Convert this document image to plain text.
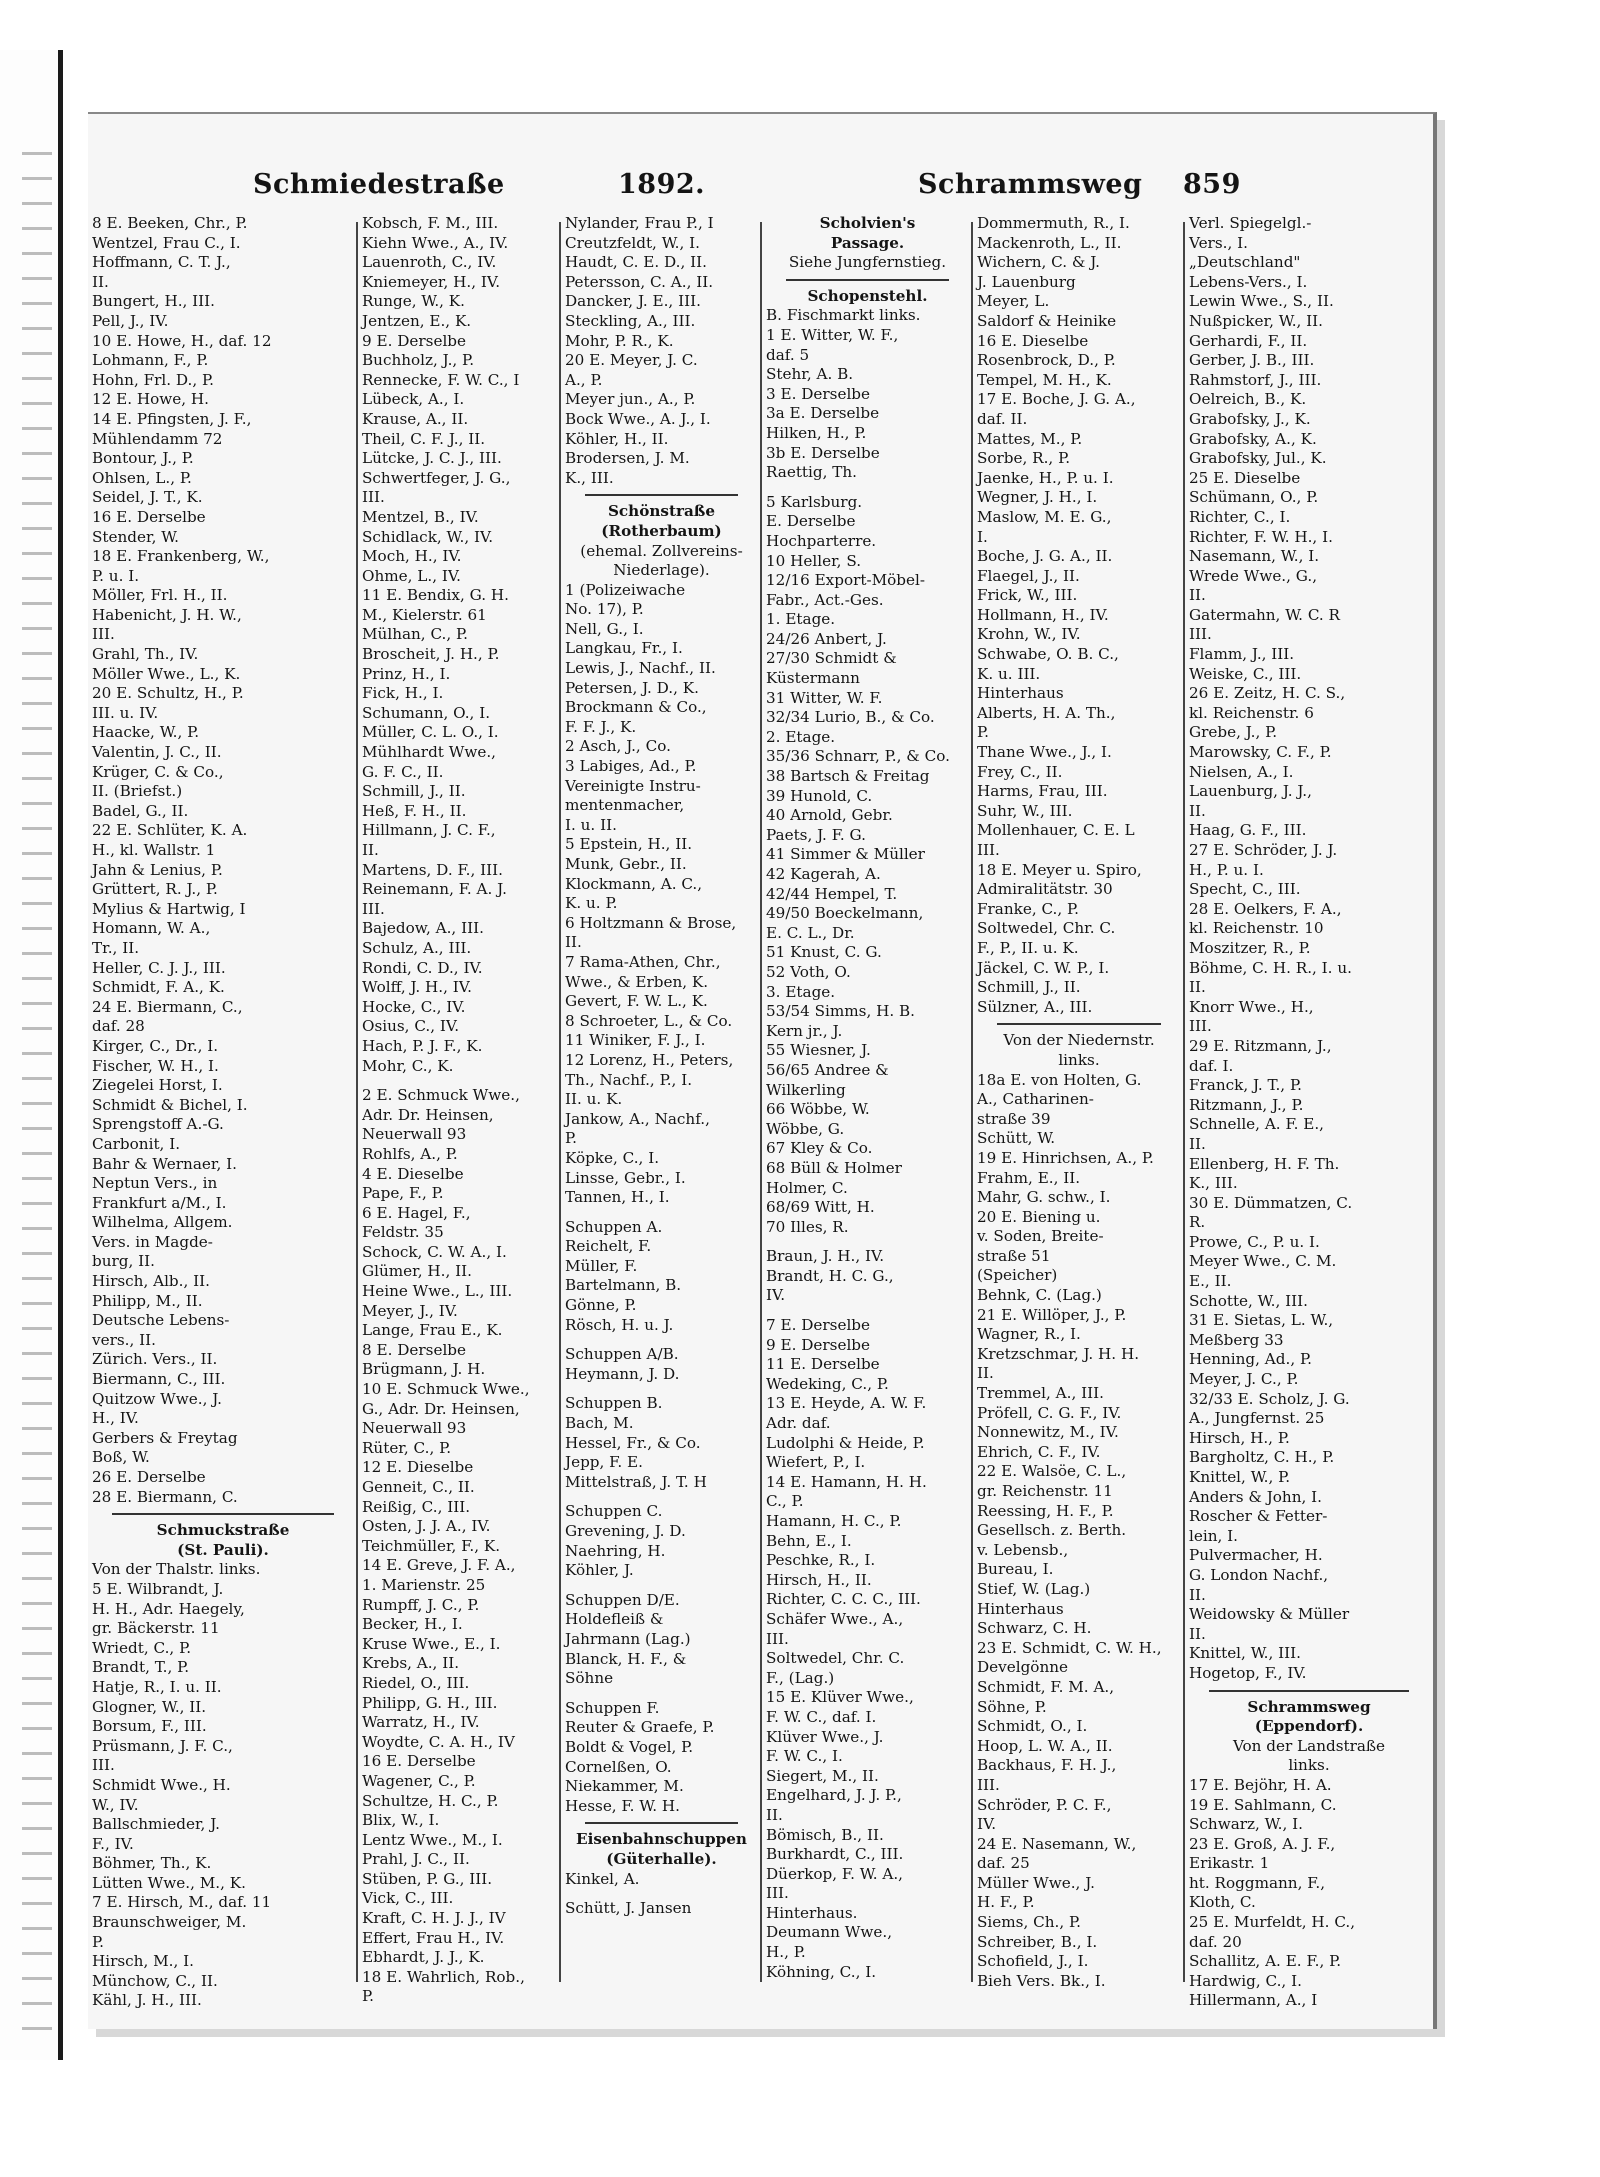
Schmiedestraße	1892.	Schrammsweg 859
8 E. Beeken, Chr., P.
Wentzel, Frau C., I.
Hoffmann, C. T. J.,
II.
Bungert, H., III.
Pell, J., IV.
10 E. Howe, H., daf. 12
Lohmann, F., P.
Hohn, Frl. D., P.
12 E. Howe, H.
14 E. Pfingsten, J. F.,
Mühlendamm 72
Bontour, J., P.
Ohlsen, L., P.
Seidel, J. T., K.
16 E. Derselbe
Stender, W.
18 E. Frankenberg, W.,
P. u. I.
Möller, Frl. H., II.
Habenicht, J. H. W.,
III.
Grahl, Th., IV.
Möller Wwe., L., K.
20 E. Schultz, H., P.
III. u. IV.
Haacke, W., P.
Valentin, J. C., II.
Krüger, C. & Co.,
II. (Briefst.)
Badel, G., II.
22 E. Schlüter, K. A.
H., kl. Wallstr. 1
Jahn & Lenius, P.
Grüttert, R. J., P.
Mylius & Hartwig, I
Homann, W. A.,
Tr., II.
Heller, C. J. J., III.
Schmidt, F. A., K.
24 E. Biermann, C.,
daf. 28
Kirger, C., Dr., I.
Fischer, W. H., I.
Ziegelei Horst, I.
Schmidt & Bichel, I.
Sprengstoff A.-G.
Carbonit, I.
Bahr & Wernaer, I.
Neptun Vers., in
Frankfurt a/M., I.
Wilhelma, Allgem.
Vers. in Magde-
burg, II.
Hirsch, Alb., II.
Philipp, M., II.
Deutsche Lebens-
vers., II.
Zürich. Vers., II.
Biermann, C., III.
Quitzow Wwe., J.
H., IV.
Gerbers & Freytag
Boß, W.
26 E. Derselbe
28 E. Biermann, C.
Schmuckstraße
(St. Pauli).
Von der Thalstr. links.
5 E. Wilbrandt, J.
H. H., Adr. Haegely,
gr. Bäckerstr. 11
Wriedt, C., P.
Brandt, T., P.
Hatje, R., I. u. II.
Glogner, W., II.
Borsum, F., III.
Prüsmann, J. F. C.,
III.
Schmidt Wwe., H.
W., IV.
Ballschmieder, J.
F., IV.
Böhmer, Th., K.
Lütten Wwe., M., K.
7 E. Hirsch, M., daf. 11
Braunschweiger, M.
P.
Hirsch, M., I.
Münchow, C., II.
Kähl, J. H., III.
Kobsch, F. M., III.
Kiehn Wwe., A., IV.
Lauenroth, C., IV.
Kniemeyer, H., IV.
Runge, W., K.
Jentzen, E., K.
9 E. Derselbe
Buchholz, J., P.
Rennecke, F. W. C., I
Lübeck, A., I.
Krause, A., II.
Theil, C. F. J., II.
Lütcke, J. C. J., III.
Schwertfeger, J. G.,
III.
Mentzel, B., IV.
Schidlack, W., IV.
Moch, H., IV.
Ohme, L., IV.
11 E. Bendix, G. H.
M., Kielerstr. 61
Mülhan, C., P.
Broscheit, J. H., P.
Prinz, H., I.
Fick, H., I.
Schumann, O., I.
Müller, C. L. O., I.
Mühlhardt Wwe.,
G. F. C., II.
Schmill, J., II.
Heß, F. H., II.
Hillmann, J. C. F.,
II.
Martens, D. F., III.
Reinemann, F. A. J.
III.
Bajedow, A., III.
Schulz, A., III.
Rondi, C. D., IV.
Wolff, J. H., IV.
Hocke, C., IV.
Osius, C., IV.
Hach, P. J. F., K.
Mohr, C., K.
2 E. Schmuck Wwe.,
Adr. Dr. Heinsen,
Neuerwall 93
Rohlfs, A., P.
4 E. Dieselbe
Pape, F., P.
6 E. Hagel, F.,
Feldstr. 35
Schock, C. W. A., I.
Glümer, H., II.
Heine Wwe., L., III.
Meyer, J., IV.
Lange, Frau E., K.
8 E. Derselbe
Brügmann, J. H.
10 E. Schmuck Wwe.,
G., Adr. Dr. Heinsen,
Neuerwall 93
Rüter, C., P.
12 E. Dieselbe
Genneit, C., II.
Reißig, C., III.
Osten, J. J. A., IV.
Teichmüller, F., K.
14 E. Greve, J. F. A.,
1. Marienstr. 25
Rumpff, J. C., P.
Becker, H., I.
Kruse Wwe., E., I.
Krebs, A., II.
Riedel, O., III.
Philipp, G. H., III.
Warratz, H., IV.
Woydte, C. A. H., IV
16 E. Derselbe
Wagener, C., P.
Schultze, H. C., P.
Blix, W., I.
Lentz Wwe., M., I.
Prahl, J. C., II.
Stüben, P. G., III.
Vick, C., III.
Kraft, C. H. J. J., IV
Effert, Frau H., IV.
Ebhardt, J. J., K.
18 E. Wahrlich, Rob.,
P.
Nylander, Frau P., I
Creutzfeldt, W., I.
Haudt, C. E. D., II.
Petersson, C. A., II.
Dancker, J. E., III.
Steckling, A., III.
Mohr, P. R., K.
20 E. Meyer, J. C.
A., P.
Meyer jun., A., P.
Bock Wwe., A. J., I.
Köhler, H., II.
Brodersen, J. M.
K., III.
Schönstraße
(Rotherbaum)
(ehemal. Zollvereins-
Niederlage).
1 (Polizeiwache
No. 17), P.
Nell, G., I.
Langkau, Fr., I.
Lewis, J., Nachf., II.
Petersen, J. D., K.
Brockmann & Co.,
F. F. J., K.
2 Asch, J., Co.
3 Labiges, Ad., P.
Vereinigte Instru-
mentenmacher,
I. u. II.
5 Epstein, H., II.
Munk, Gebr., II.
Klockmann, A. C.,
K. u. P.
6 Holtzmann & Brose,
II.
7 Rama-Athen, Chr.,
Wwe., & Erben, K.
Gevert, F. W. L., K.
8 Schroeter, L., & Co.
11 Winiker, F. J., I.
12 Lorenz, H., Peters,
Th., Nachf., P., I.
II. u. K.
Jankow, A., Nachf.,
P.
Köpke, C., I.
Linsse, Gebr., I.
Tannen, H., I.
Schuppen A.
Reichelt, F.
Müller, F.
Bartelmann, B.
Gönne, P.
Rösch, H. u. J.
Schuppen A/B.
Heymann, J. D.
Schuppen B.
Bach, M.
Hessel, Fr., & Co.
Jepp, F. E.
Mittelstraß, J. T. H
Schuppen C.
Grevening, J. D.
Naehring, H.
Köhler, J.
Schuppen D/E.
Holdefleiß &
Jahrmann (Lag.)
Blanck, H. F., &
Söhne
Schuppen F.
Reuter & Graefe, P.
Boldt & Vogel, P.
Cornelßen, O.
Niekammer, M.
Hesse, F. W. H.
Eisenbahnschuppen
(Güterhalle).
Kinkel, A.
Schütt, J. Jansen
Scholvien's
Passage.
Siehe Jungfernstieg.
Schopenstehl.
B. Fischmarkt links.
1 E. Witter, W. F.,
daf. 5
Stehr, A. B.
3 E. Derselbe
3a E. Derselbe
Hilken, H., P.
3b E. Derselbe
Raettig, Th.
5 Karlsburg.
E. Derselbe
Hochparterre.
10 Heller, S.
12/16 Export-Möbel-
Fabr., Act.-Ges.
1. Etage.
24/26 Anbert, J.
27/30 Schmidt &
Küstermann
31 Witter, W. F.
32/34 Lurio, B., & Co.
2. Etage.
35/36 Schnarr, P., & Co.
38 Bartsch & Freitag
39 Hunold, C.
40 Arnold, Gebr.
Paets, J. F. G.
41 Simmer & Müller
42 Kagerah, A.
42/44 Hempel, T.
49/50 Boeckelmann,
E. C. L., Dr.
51 Knust, C. G.
52 Voth, O.
3. Etage.
53/54 Simms, H. B.
Kern jr., J.
55 Wiesner, J.
56/65 Andree &
Wilkerling
66 Wöbbe, W.
Wöbbe, G.
67 Kley & Co.
68 Büll & Holmer
Holmer, C.
68/69 Witt, H.
70 Illes, R.
Braun, J. H., IV.
Brandt, H. C. G.,
IV.
7 E. Derselbe
9 E. Derselbe
11 E. Derselbe
Wedeking, C., P.
13 E. Heyde, A. W. F.
Adr. daf.
Ludolphi & Heide, P.
Wiefert, P., I.
14 E. Hamann, H. H.
C., P.
Hamann, H. C., P.
Behn, E., I.
Peschke, R., I.
Hirsch, H., II.
Richter, C. C. C., III.
Schäfer Wwe., A.,
III.
Soltwedel, Chr. C.
F., (Lag.)
15 E. Klüver Wwe.,
F. W. C., daf. I.
Klüver Wwe., J.
F. W. C., I.
Siegert, M., II.
Engelhard, J. J. P.,
II.
Bömisch, B., II.
Burkhardt, C., III.
Düerkop, F. W. A.,
III.
Hinterhaus.
Deumann Wwe.,
H., P.
Köhning, C., I.
Dommermuth, R., I.
Mackenroth, L., II.
Wichern, C. & J.
J. Lauenburg
Meyer, L.
Saldorf & Heinike
16 E. Dieselbe
Rosenbrock, D., P.
Tempel, M. H., K.
17 E. Boche, J. G. A.,
daf. II.
Mattes, M., P.
Sorbe, R., P.
Jaenke, H., P. u. I.
Wegner, J. H., I.
Maslow, M. E. G.,
I.
Boche, J. G. A., II.
Flaegel, J., II.
Frick, W., III.
Hollmann, H., IV.
Krohn, W., IV.
Schwabe, O. B. C.,
K. u. III.
Hinterhaus
Alberts, H. A. Th.,
P.
Thane Wwe., J., I.
Frey, C., II.
Harms, Frau, III.
Suhr, W., III.
Mollenhauer, C. E. L
III.
18 E. Meyer u. Spiro,
Admiralitätstr. 30
Franke, C., P.
Soltwedel, Chr. C.
F., P., II. u. K.
Jäckel, C. W. P., I.
Schmill, J., II.
Sülzner, A., III.
Von der Niedernstr.
links.
18a E. von Holten, G.
A., Catharinen-
straße 39
Schütt, W.
19 E. Hinrichsen, A., P.
Frahm, E., II.
Mahr, G. schw., I.
20 E. Biening u.
v. Soden, Breite-
straße 51
(Speicher)
Behnk, C. (Lag.)
21 E. Willöper, J., P.
Wagner, R., I.
Kretzschmar, J. H. H.
II.
Tremmel, A., III.
Pröfell, C. G. F., IV.
Nonnewitz, M., IV.
Ehrich, C. F., IV.
22 E. Walsöe, C. L.,
gr. Reichenstr. 11
Reessing, H. F., P.
Gesellsch. z. Berth.
v. Lebensb.,
Bureau, I.
Stief, W. (Lag.)
Hinterhaus
Schwarz, C. H.
23 E. Schmidt, C. W. H.,
Develgönne
Schmidt, F. M. A.,
Söhne, P.
Schmidt, O., I.
Hoop, L. W. A., II.
Backhaus, F. H. J.,
III.
Schröder, P. C. F.,
IV.
24 E. Nasemann, W.,
daf. 25
Müller Wwe., J.
H. F., P.
Siems, Ch., P.
Schreiber, B., I.
Schofield, J., I.
Bieh Vers. Bk., I.
Verl. Spiegelgl.-
Vers., I.
„Deutschland"
Lebens-Vers., I.
Lewin Wwe., S., II.
Nußpicker, W., II.
Gerhardi, F., II.
Gerber, J. B., III.
Rahmstorf, J., III.
Oelreich, B., K.
Grabofsky, J., K.
Grabofsky, A., K.
Grabofsky, Jul., K.
25 E. Dieselbe
Schümann, O., P.
Richter, C., I.
Richter, F. W. H., I.
Nasemann, W., I.
Wrede Wwe., G.,
II.
Gatermahn, W. C. R
III.
Flamm, J., III.
Weiske, C., III.
26 E. Zeitz, H. C. S.,
kl. Reichenstr. 6
Grebe, J., P.
Marowsky, C. F., P.
Nielsen, A., I.
Lauenburg, J. J.,
II.
Haag, G. F., III.
27 E. Schröder, J. J.
H., P. u. I.
Specht, C., III.
28 E. Oelkers, F. A.,
kl. Reichenstr. 10
Moszitzer, R., P.
Böhme, C. H. R., I. u.
II.
Knorr Wwe., H.,
III.
29 E. Ritzmann, J.,
daf. I.
Franck, J. T., P.
Ritzmann, J., P.
Schnelle, A. F. E.,
II.
Ellenberg, H. F. Th.
K., III.
30 E. Dümmatzen, C.
R.
Prowe, C., P. u. I.
Meyer Wwe., C. M.
E., II.
Schotte, W., III.
31 E. Sietas, L. W.,
Meßberg 33
Henning, Ad., P.
Meyer, J. C., P.
32/33 E. Scholz, J. G.
A., Jungfernst. 25
Hirsch, H., P.
Bargholtz, C. H., P.
Knittel, W., P.
Anders & John, I.
Roscher & Fetter-
lein, I.
Pulvermacher, H.
G. London Nachf.,
II.
Weidowsky & Müller
II.
Knittel, W., III.
Hogetop, F., IV.
Schrammsweg
(Eppendorf).
Von der Landstraße
links.
17 E. Bejöhr, H. A.
19 E. Sahlmann, C.
Schwarz, W., I.
23 E. Groß, A. J. F.,
Erikastr. 1
ht. Roggmann, F.,
Kloth, C.
25 E. Murfeldt, H. C.,
daf. 20
Schallitz, A. E. F., P.
Hardwig, C., I.
Hillermann, A., I
